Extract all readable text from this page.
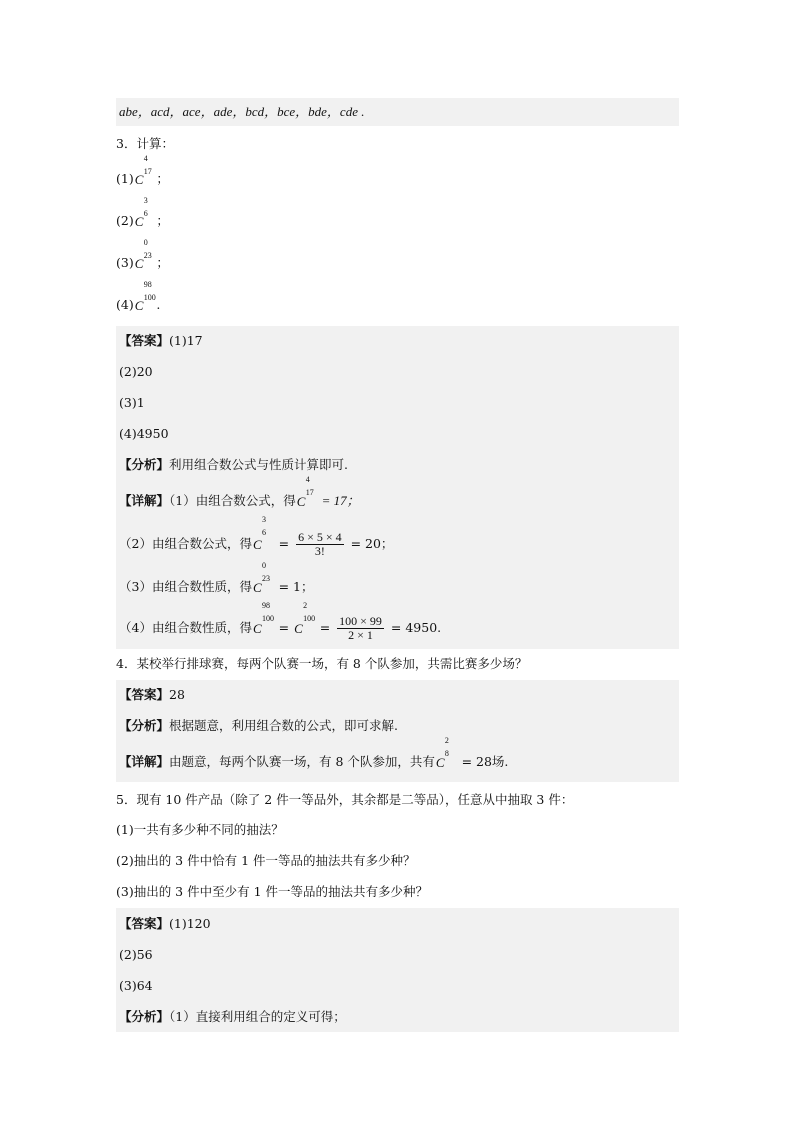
abe，acd，ace，ade，bcd，bce，bde，cde .
3．计算：
(1)C
4
17 ；
(2)C
3
6 ；
(3)C
0
23 ；
(4)C
98
100 .
【答案】(1)17
(2)20
(3)1
(4)4950
【分析】利用组合数公式与性质计算即可.
【详解】（1）由组合数公式，得C
4
17
= 17；
（2）由组合数公式，得C
3
6
= $\frac{6 \times 5 \times 4}{3!} = 20$；
（3）由组合数性质，得C
0
23
= 1；
（4）由组合数性质，得C
98
100
= C
2
100
= $\frac{100 \times 99}{2 \times 1} = 4950$.
4．某校举行排球赛，每两个队赛一场，有 8 个队参加，共需比赛多少场？
【答案】28
【分析】根据题意，利用组合数的公式，即可求解.
【详解】由题意，每两个队赛一场，有 8 个队参加，共有C
2
8
= 28场.
5．现有 10 件产品（除了 2 件一等品外，其余都是二等品），任意从中抽取 3 件：
(1)一共有多少种不同的抽法？
(2)抽出的 3 件中恰有 1 件一等品的抽法共有多少种？
(3)抽出的 3 件中至少有 1 件一等品的抽法共有多少种？
【答案】(1)120
(2)56
(3)64
【分析】（1）直接利用组合的定义可得；
